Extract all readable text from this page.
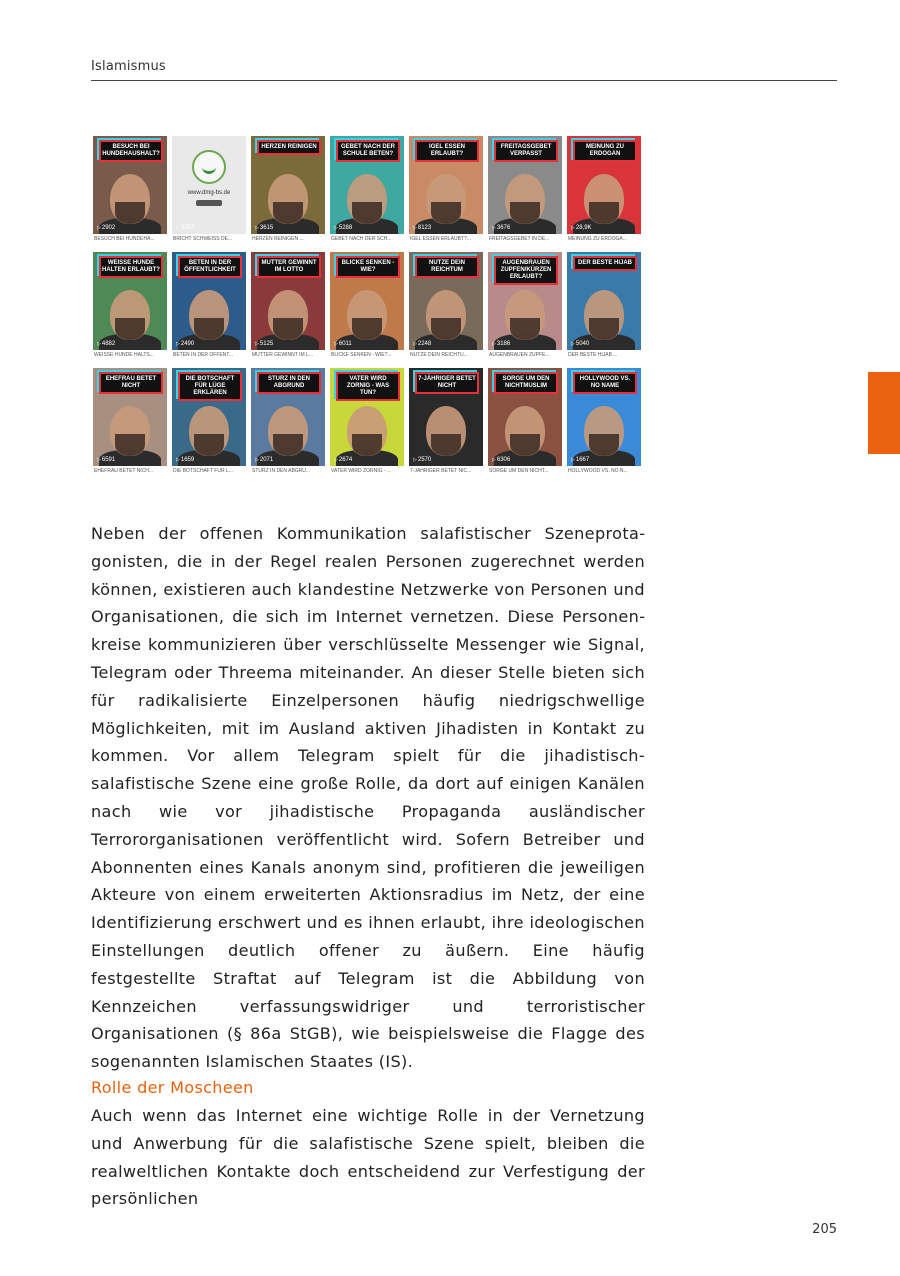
Islamismus
BESUCH BEI HUNDEHAUSHALT?
▷2902
BESUCH BEI HUNDEHA...
www.dmg-bs.de
▷3357
BRICHT SCHWEISS DE...
HERZEN REINIGEN
▷3615
HERZEN REINIGEN ...
GEBET NACH DER SCHULE BETEN?
▷5288
GEBET NACH DER SCH...
IGEL ESSEN ERLAUBT?
▷8123
IGEL ESSEN ERLAUBT?...
FREITAGSGEBET VERPASST
▷3676
FREITAGSGEBET IN DE...
MEINUNG ZU ERDOGAN
▷28,9K
MEINUNG ZU ERDOGA...
WEISSE HUNDE HALTEN ERLAUBT?
▷4882
WEISSE HUNDE HALTS...
BETEN IN DER ÖFFENTLICHKEIT
▷2490
BETEN IN DER ÖFFENT...
MUTTER GEWINNT IM LOTTO
▷5125
MUTTER GEWINNT IM L...
BLICKE SENKEN - WIE?
▷6011
BLICKE SENKEN - WIE?...
NUTZE DEIN REICHTUM
▷2248
NUTZE DEIN REICHTU...
AUGENBRAUEN ZUPFEN/KÜRZEN ERLAUBT?
▷3186
AUGENBRAUEN ZUPFE...
DER BESTE HIJAB
▷5040
DER BESTE HIJAB ...
EHEFRAU BETET NICHT
▷6591
EHEFRAU BETET NICH...
DIE BOTSCHAFT FÜR LÜGE ERKLÄREN
▷1659
DIE BOTSCHAFT FÜR L...
STURZ IN DEN ABGRUND
▷2071
STURZ IN DEN ABGRU...
VATER WIRD ZORNIG - WAS TUN?
▷2674
VATER WIRD ZORNIG - ...
7-JÄHRIGER BETET NICHT
▷2570
7-JÄHRIGER BETET NIC...
SORGE UM DEN NICHTMUSLIM
▷6306
SORGE UM DEN NICHT...
HOLLYWOOD VS. NO NAME
▷1667
HOLLYWOOD VS. NO N...

Neben der offenen Kommunikation salafistischer Szeneprotagonisten, die in der Regel realen Personen zugerechnet werden können, existieren auch klandestine Netzwerke von Personen und Organisationen, die sich im Internet vernetzen. Diese Personenkreise kommunizieren über verschlüsselte Messenger wie Signal, Telegram oder Threema miteinander. An dieser Stelle bieten sich für radikalisierte Einzelpersonen häufig niedrigschwellige Möglichkeiten, mit im Ausland aktiven Jihadisten in Kontakt zu kommen. Vor allem Telegram spielt für die jihadistisch-salafistische Szene eine große Rolle, da dort auf einigen Kanälen nach wie vor jihadistische Propaganda ausländischer Terrororganisationen veröffentlicht wird. Sofern Betreiber und Abonnenten eines Kanals anonym sind, profitieren die jeweiligen Akteure von einem erweiterten Aktionsradius im Netz, der eine Identifizierung erschwert und es ihnen erlaubt, ihre ideologischen Einstellungen deutlich offener zu äußern. Eine häufig festgestellte Straftat auf Telegram ist die Abbildung von Kennzeichen verfassungswidriger und terroristischer Organisationen (§ 86a StGB), wie beispielsweise die Flagge des sogenannten Islamischen Staates (IS).

Rolle der Moscheen

Auch wenn das Internet eine wichtige Rolle in der Vernetzung und Anwerbung für die salafistische Szene spielt, bleiben die realweltlichen Kontakte doch entscheidend zur Verfestigung der persönlichen

205
